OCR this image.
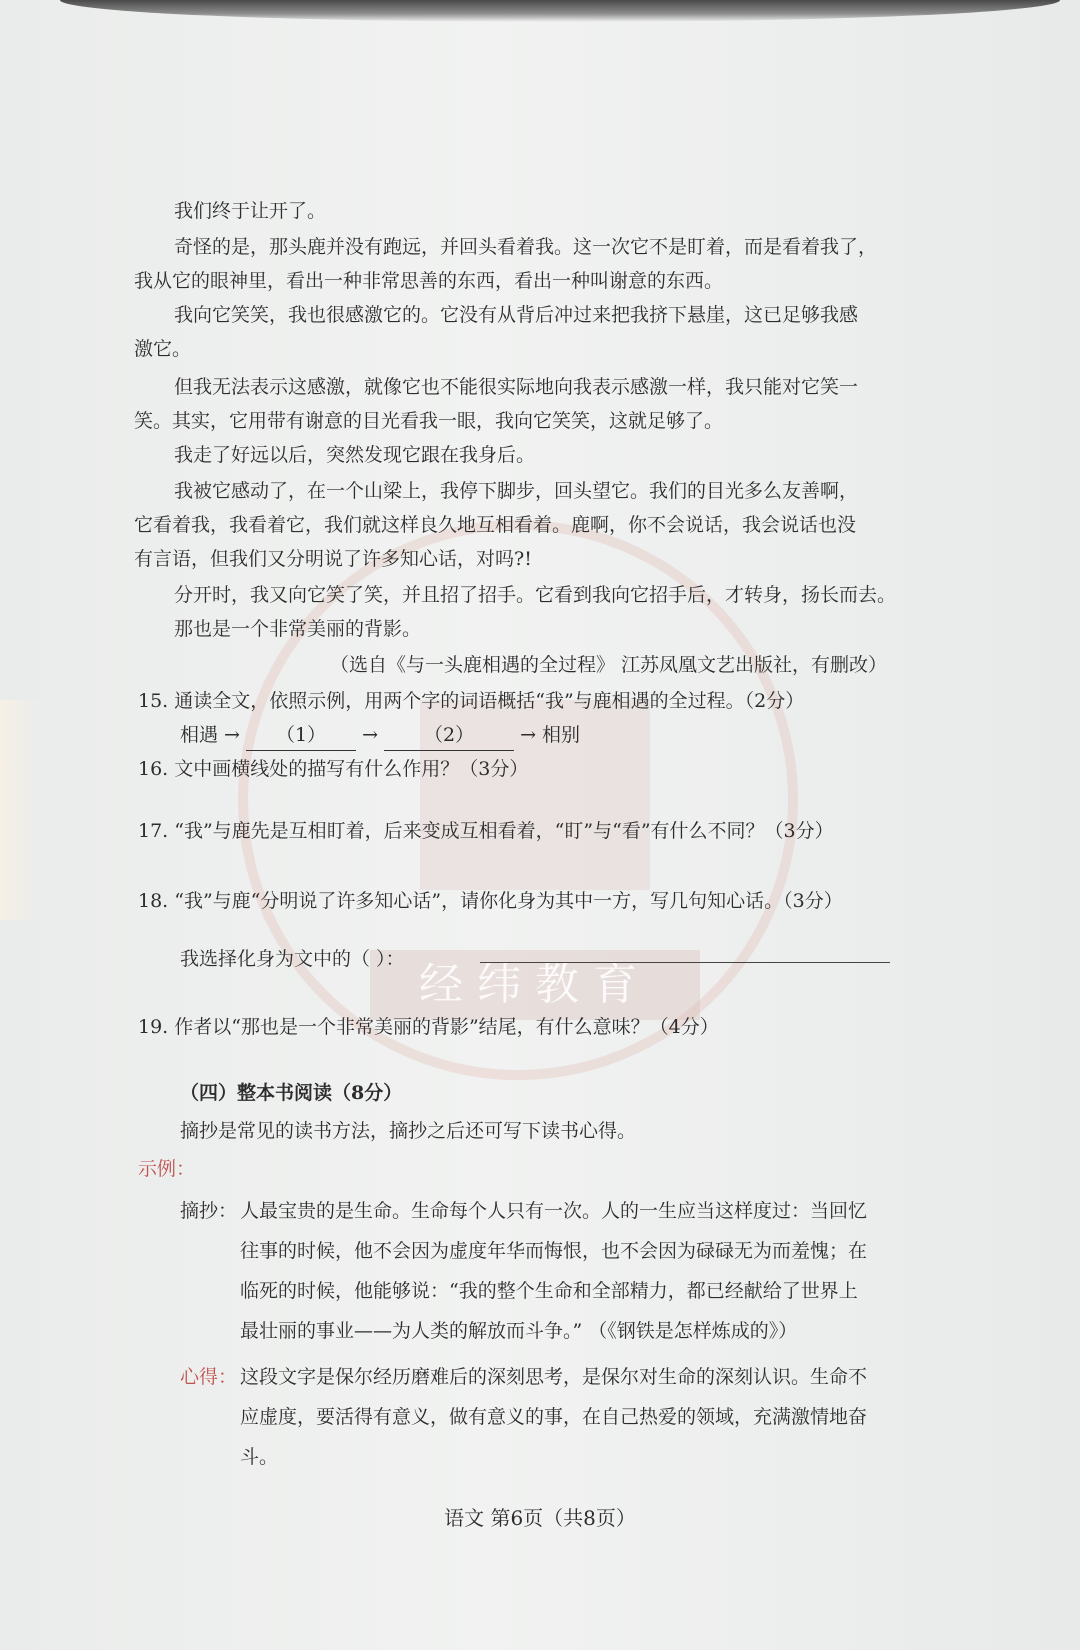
经纬教育
我们终于让开了。
奇怪的是，那头鹿并没有跑远，并回头看着我。这一次它不是盯着，而是看着我了，
我从它的眼神里，看出一种非常思善的东西，看出一种叫谢意的东西。
我向它笑笑，我也很感激它的。它没有从背后冲过来把我挤下悬崖，这已足够我感
激它。
但我无法表示这感激，就像它也不能很实际地向我表示感激一样，我只能对它笑一
笑。其实，它用带有谢意的目光看我一眼，我向它笑笑，这就足够了。
我走了好远以后，突然发现它跟在我身后。
我被它感动了，在一个山梁上，我停下脚步，回头望它。我们的目光多么友善啊，
它看着我，我看着它，我们就这样良久地互相看着。鹿啊，你不会说话，我会说话也没
有言语，但我们又分明说了许多知心话，对吗?!
分开时，我又向它笑了笑，并且招了招手。它看到我向它招手后，才转身，扬长而去。
那也是一个非常美丽的背影。
（选自《与一头鹿相遇的全过程》 江苏凤凰文艺出版社，有删改）
15. 通读全文，依照示例，用两个字的词语概括“我”与鹿相遇的全过程。（2分）
相遇 → （1） → （2） → 相别
16. 文中画横线处的描写有什么作用？（3分）
17. “我”与鹿先是互相盯着，后来变成互相看着，“盯”与“看”有什么不同？（3分）
18. “我”与鹿“分明说了许多知心话”，请你化身为其中一方，写几句知心话。（3分）
我选择化身为文中的（ ）：
19. 作者以“那也是一个非常美丽的背影”结尾，有什么意味？（4分）
（四）整本书阅读（8分）
摘抄是常见的读书方法，摘抄之后还可写下读书心得。
示例：
摘抄： 人最宝贵的是生命。生命每个人只有一次。人的一生应当这样度过：当回忆
往事的时候，他不会因为虚度年华而悔恨，也不会因为碌碌无为而羞愧；在
临死的时候，他能够说：“我的整个生命和全部精力，都已经献给了世界上
最壮丽的事业——为人类的解放而斗争。” （《钢铁是怎样炼成的》）
心得： 这段文字是保尔经历磨难后的深刻思考，是保尔对生命的深刻认识。生命不
应虚度，要活得有意义，做有意义的事，在自己热爱的领域，充满激情地奋
斗。
语文 第6页（共8页）
